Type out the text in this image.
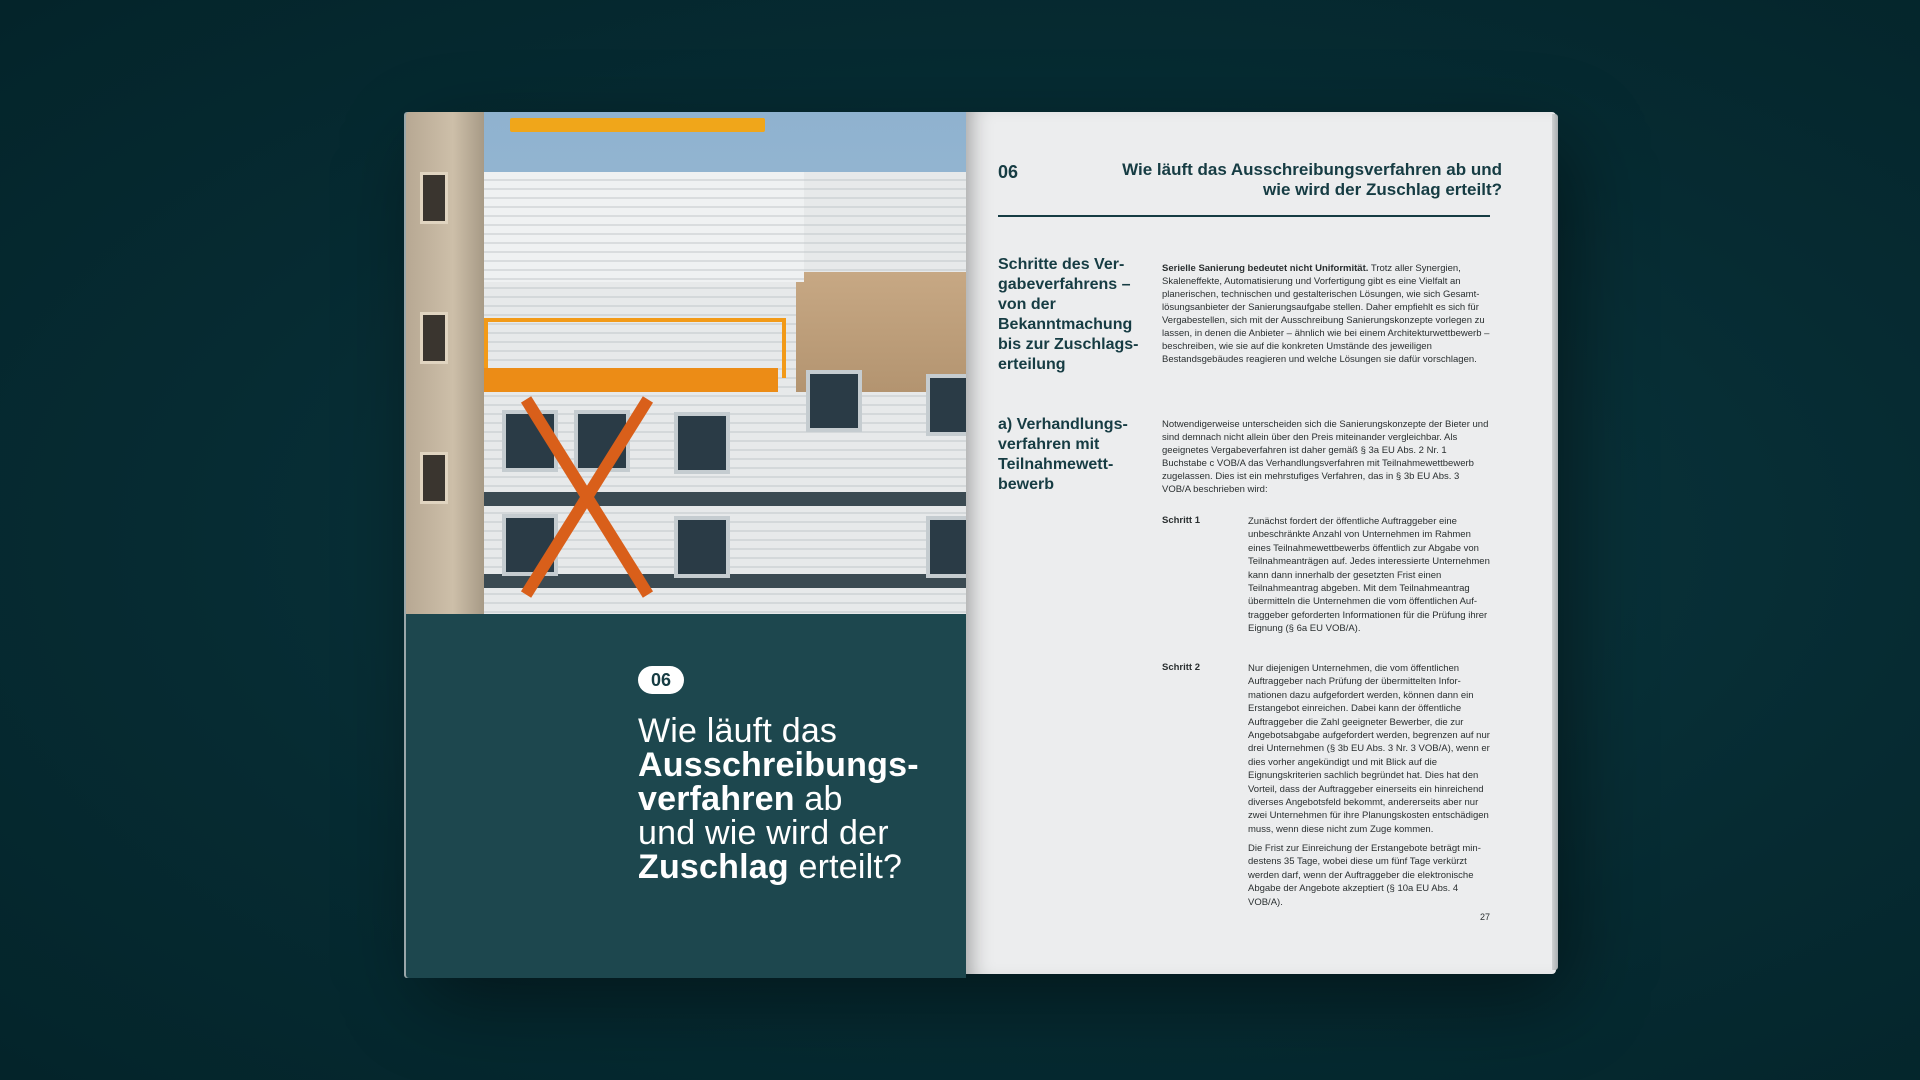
06
Wie läuft das
Ausschreibungs-
verfahren ab
und wie wird der
Zuschlag erteilt?
06	Wie läuft das Ausschreibungsverfahren ab und
wie wird der Zuschlag erteilt?
Schritte des Vergabeverfahrens – von der Bekanntmachung bis zur Zuschlagserteilung
Serielle Sanierung bedeutet nicht Uniformität. Trotz aller Synergien, Skaleneffekte, Automatisierung und Vorfertigung gibt es eine Vielfalt an planerischen, technischen und gestalterischen Lösungen, wie sich Gesamtlösungsanbieter der Sanierungsaufgabe stellen. Daher empfiehlt es sich für Vergabestellen, sich mit der Ausschreibung Sanierungskonzepte vorlegen zu lassen, in denen die Anbieter – ähnlich wie bei einem Architekturwettbewerb – beschreiben, wie sie auf die konkreten Umstände des jeweiligen Bestandsgebäudes reagieren und welche Lösungen sie dafür vorschlagen.
a) Verhandlungsverfahren mit Teilnahmewettbewerb
Notwendigerweise unterscheiden sich die Sanierungskonzepte der Bieter und sind demnach nicht allein über den Preis miteinander vergleichbar. Als geeignetes Vergabeverfahren ist daher gemäß § 3a EU Abs. 2 Nr. 1 Buchstabe c VOB/A das Verhandlungsverfahren mit Teilnahmewettbewerb zugelassen. Dies ist ein mehrstufiges Verfahren, das in § 3b EU Abs. 3 VOB/A beschrieben wird:
Schritt 1	Zunächst fordert der öffentliche Auftraggeber eine unbeschränkte Anzahl von Unternehmen im Rahmen eines Teilnahmewettbewerbs öffentlich zur Abgabe von Teilnahmeanträgen auf. Jedes interessierte Unternehmen kann dann innerhalb der gesetzten Frist einen Teilnahmeantrag abgeben. Mit dem Teilnahmeantrag übermitteln die Unternehmen die vom öffentlichen Auftraggeber geforderten Informationen für die Prüfung ihrer Eignung (§ 6a EU VOB/A).
Schritt 2	Nur diejenigen Unternehmen, die vom öffentlichen Auftraggeber nach Prüfung der übermittelten Informationen dazu aufgefordert werden, können dann ein Erstangebot einreichen. Dabei kann der öffentliche Auftraggeber die Zahl geeigneter Bewerber, die zur Angebotsabgabe aufgefordert werden, begrenzen auf nur drei Unternehmen (§ 3b EU Abs. 3 Nr. 3 VOB/A), wenn er dies vorher angekündigt und mit Blick auf die Eignungskriterien sachlich begründet hat. Dies hat den Vorteil, dass der Auftraggeber einerseits ein hinreichend diverses Angebotsfeld bekommt, andererseits aber nur zwei Unternehmen für ihre Planungskosten entschädigen muss, wenn diese nicht zum Zuge kommen.
Die Frist zur Einreichung der Erstangebote beträgt mindestens 35 Tage, wobei diese um fünf Tage verkürzt werden darf, wenn der Auftraggeber die elektronische Abgabe der Angebote akzeptiert (§ 10a EU Abs. 4 VOB/A).
27
